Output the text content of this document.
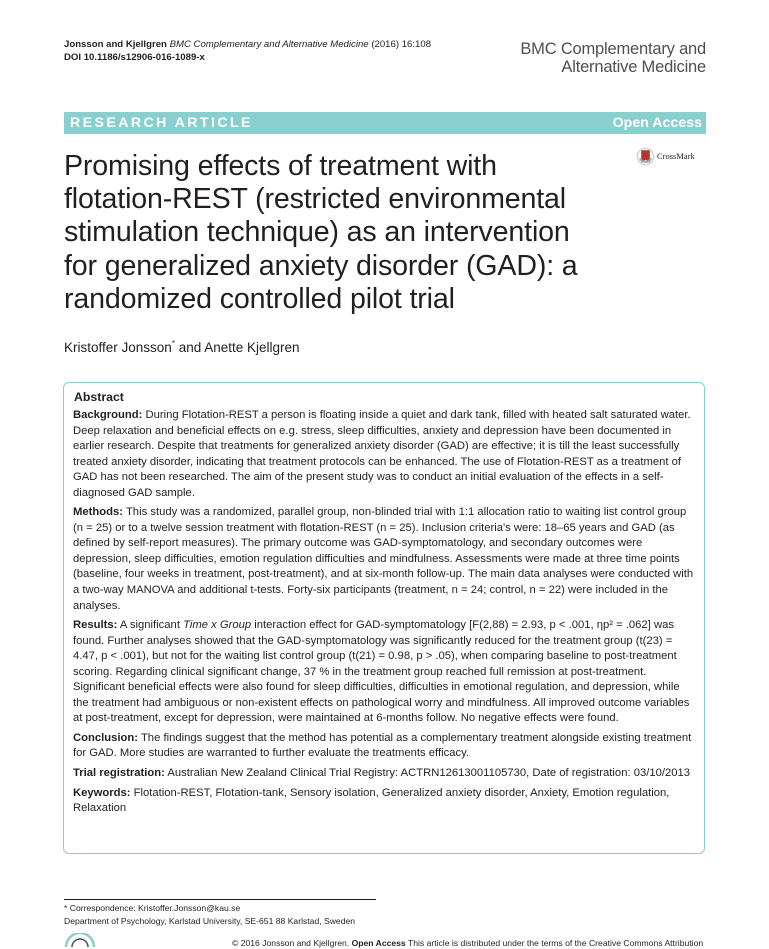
Jonsson and Kjellgren BMC Complementary and Alternative Medicine (2016) 16:108
DOI 10.1186/s12906-016-1089-x	BMC Complementary and
Alternative Medicine
RESEARCH ARTICLE	Open Access
CrossMark
Promising effects of treatment with
flotation-REST (restricted environmental
stimulation technique) as an intervention
for generalized anxiety disorder (GAD): a
randomized controlled pilot trial
Kristoffer Jonsson* and Anette Kjellgren
Abstract

Background: During Flotation-REST a person is floating inside a quiet and dark tank, filled with heated salt saturated water. Deep relaxation and beneficial effects on e.g. stress, sleep difficulties, anxiety and depression have been documented in earlier research. Despite that treatments for generalized anxiety disorder (GAD) are effective; it is till the least successfully treated anxiety disorder, indicating that treatment protocols can be enhanced. The use of Flotation-REST as a treatment of GAD has not been researched. The aim of the present study was to conduct an initial evaluation of the effects in a self-diagnosed GAD sample.

Methods: This study was a randomized, parallel group, non-blinded trial with 1:1 allocation ratio to waiting list control group (n = 25) or to a twelve session treatment with flotation-REST (n = 25). Inclusion criteria's were: 18–65 years and GAD (as defined by self-report measures). The primary outcome was GAD-symptomatology, and secondary outcomes were depression, sleep difficulties, emotion regulation difficulties and mindfulness. Assessments were made at three time points (baseline, four weeks in treatment, post-treatment), and at six-month follow-up. The main data analyses were conducted with a two-way MANOVA and additional t-tests. Forty-six participants (treatment, n = 24; control, n = 22) were included in the analyses.

Results: A significant Time x Group interaction effect for GAD-symptomatology [F(2,88) = 2.93, p < .001, ηp² = .062] was found. Further analyses showed that the GAD-symptomatology was significantly reduced for the treatment group (t(23) = 4.47, p < .001), but not for the waiting list control group (t(21) = 0.98, p > .05), when comparing baseline to post-treatment scoring. Regarding clinical significant change, 37 % in the treatment group reached full remission at post-treatment. Significant beneficial effects were also found for sleep difficulties, difficulties in emotional regulation, and depression, while the treatment had ambiguous or non-existent effects on pathological worry and mindfulness. All improved outcome variables at post-treatment, except for depression, were maintained at 6-months follow. No negative effects were found.

Conclusion: The findings suggest that the method has potential as a complementary treatment alongside existing treatment for GAD. More studies are warranted to further evaluate the treatments efficacy.

Trial registration: Australian New Zealand Clinical Trial Registry: ACTRN12613001105730, Date of registration: 03/10/2013

Keywords: Flotation-REST, Flotation-tank, Sensory isolation, Generalized anxiety disorder, Anxiety, Emotion regulation, Relaxation

* Correspondence: Kristoffer.Jonsson@kau.se
Department of Psychology, Karlstad University, SE-651 88 Karlstad, Sweden
© 2016 Jonsson and Kjellgren. Open Access This article is distributed under the terms of the Creative Commons Attribution
